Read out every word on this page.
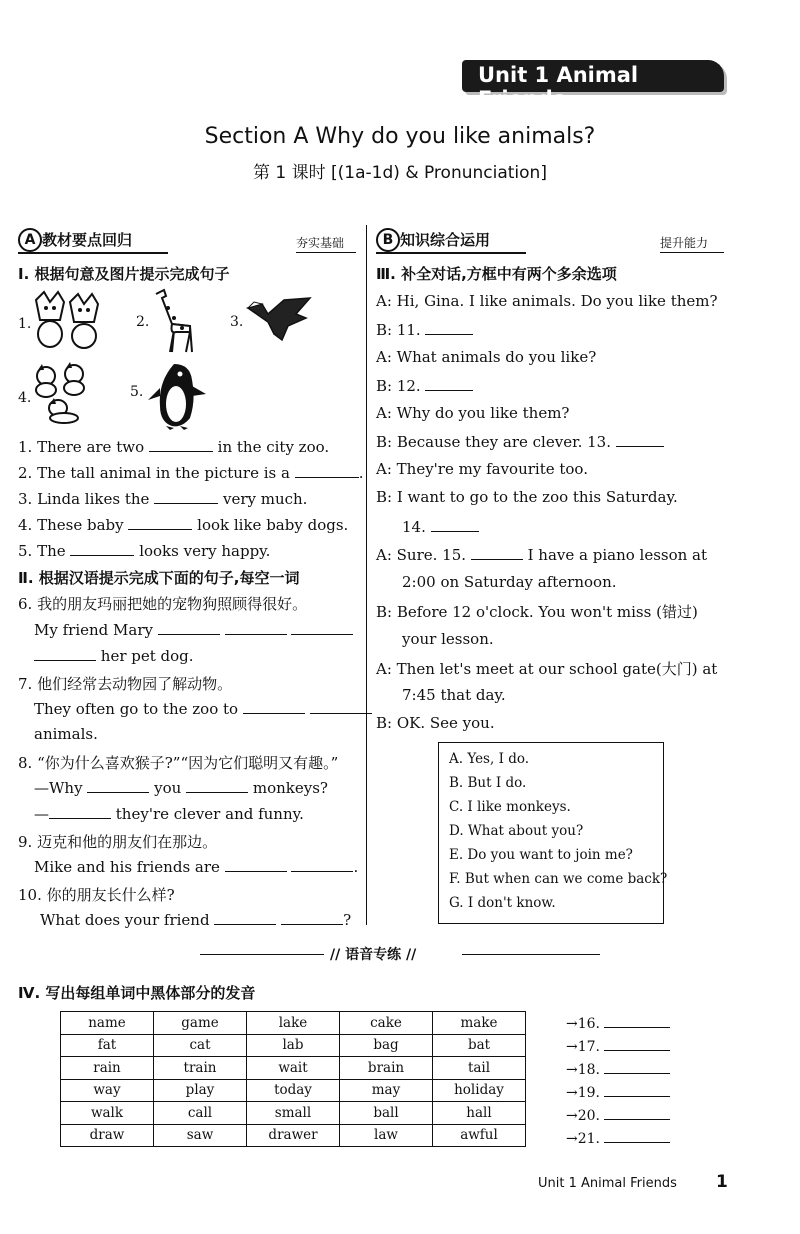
Unit 1 Animal Friends
Section A Why do you like animals?
第 1 课时 [(1a-1d) & Pronunciation]
A 教材要点回归	夯实基础	B 知识综合运用	提升能力
Ⅰ. 根据句意及图片提示完成句子
1.	2.	3.
4.	5.
1. There are two	in the city zoo.
2. The tall animal in the picture is a	.
3. Linda likes the	very much.
4. These baby	look like baby dogs.
5. The	looks very happy.
Ⅱ. 根据汉语提示完成下面的句子,每空一词
6. 我的朋友玛丽把她的宠物狗照顾得很好。
My friend Mary
her pet dog.
7. 他们经常去动物园了解动物。
They often go to the zoo to
animals.
8. “你为什么喜欢猴子?”“因为它们聪明又有趣。”
—Why	you	monkeys?
—	they're clever and funny.
9. 迈克和他的朋友们在那边。
Mike and his friends are	.
10. 你的朋友长什么样?
What does your friend	?
Ⅲ. 补全对话,方框中有两个多余选项
A: Hi, Gina. I like animals. Do you like them?
B: 11.
A: What animals do you like?
B: 12.
A: Why do you like them?
B: Because they are clever. 13.
A: They're my favourite too.
B: I want to go to the zoo this Saturday.
14.
A: Sure. 15.	I have a piano lesson at
2:00 on Saturday afternoon.
B: Before 12 o'clock. You won't miss (错过)
your lesson.
A: Then let's meet at our school gate(大门) at
7:45 that day.
B: OK. See you.
A. Yes, I do.
B. But I do.
C. I like monkeys.
D. What about you?
E. Do you want to join me?
F. But when can we come back?
G. I don't know.
// 语音专练 //
Ⅳ. 写出每组单词中黑体部分的发音
name	game	lake	cake	make
fat	cat	lab	bag	bat
rain	train	wait	brain	tail
way	play	today	may	holiday
walk	call	small	ball	hall
draw	saw	drawer	law	awful
→16.
→17.
→18.
→19.
→20.
→21.
Unit 1 Animal Friends 1
